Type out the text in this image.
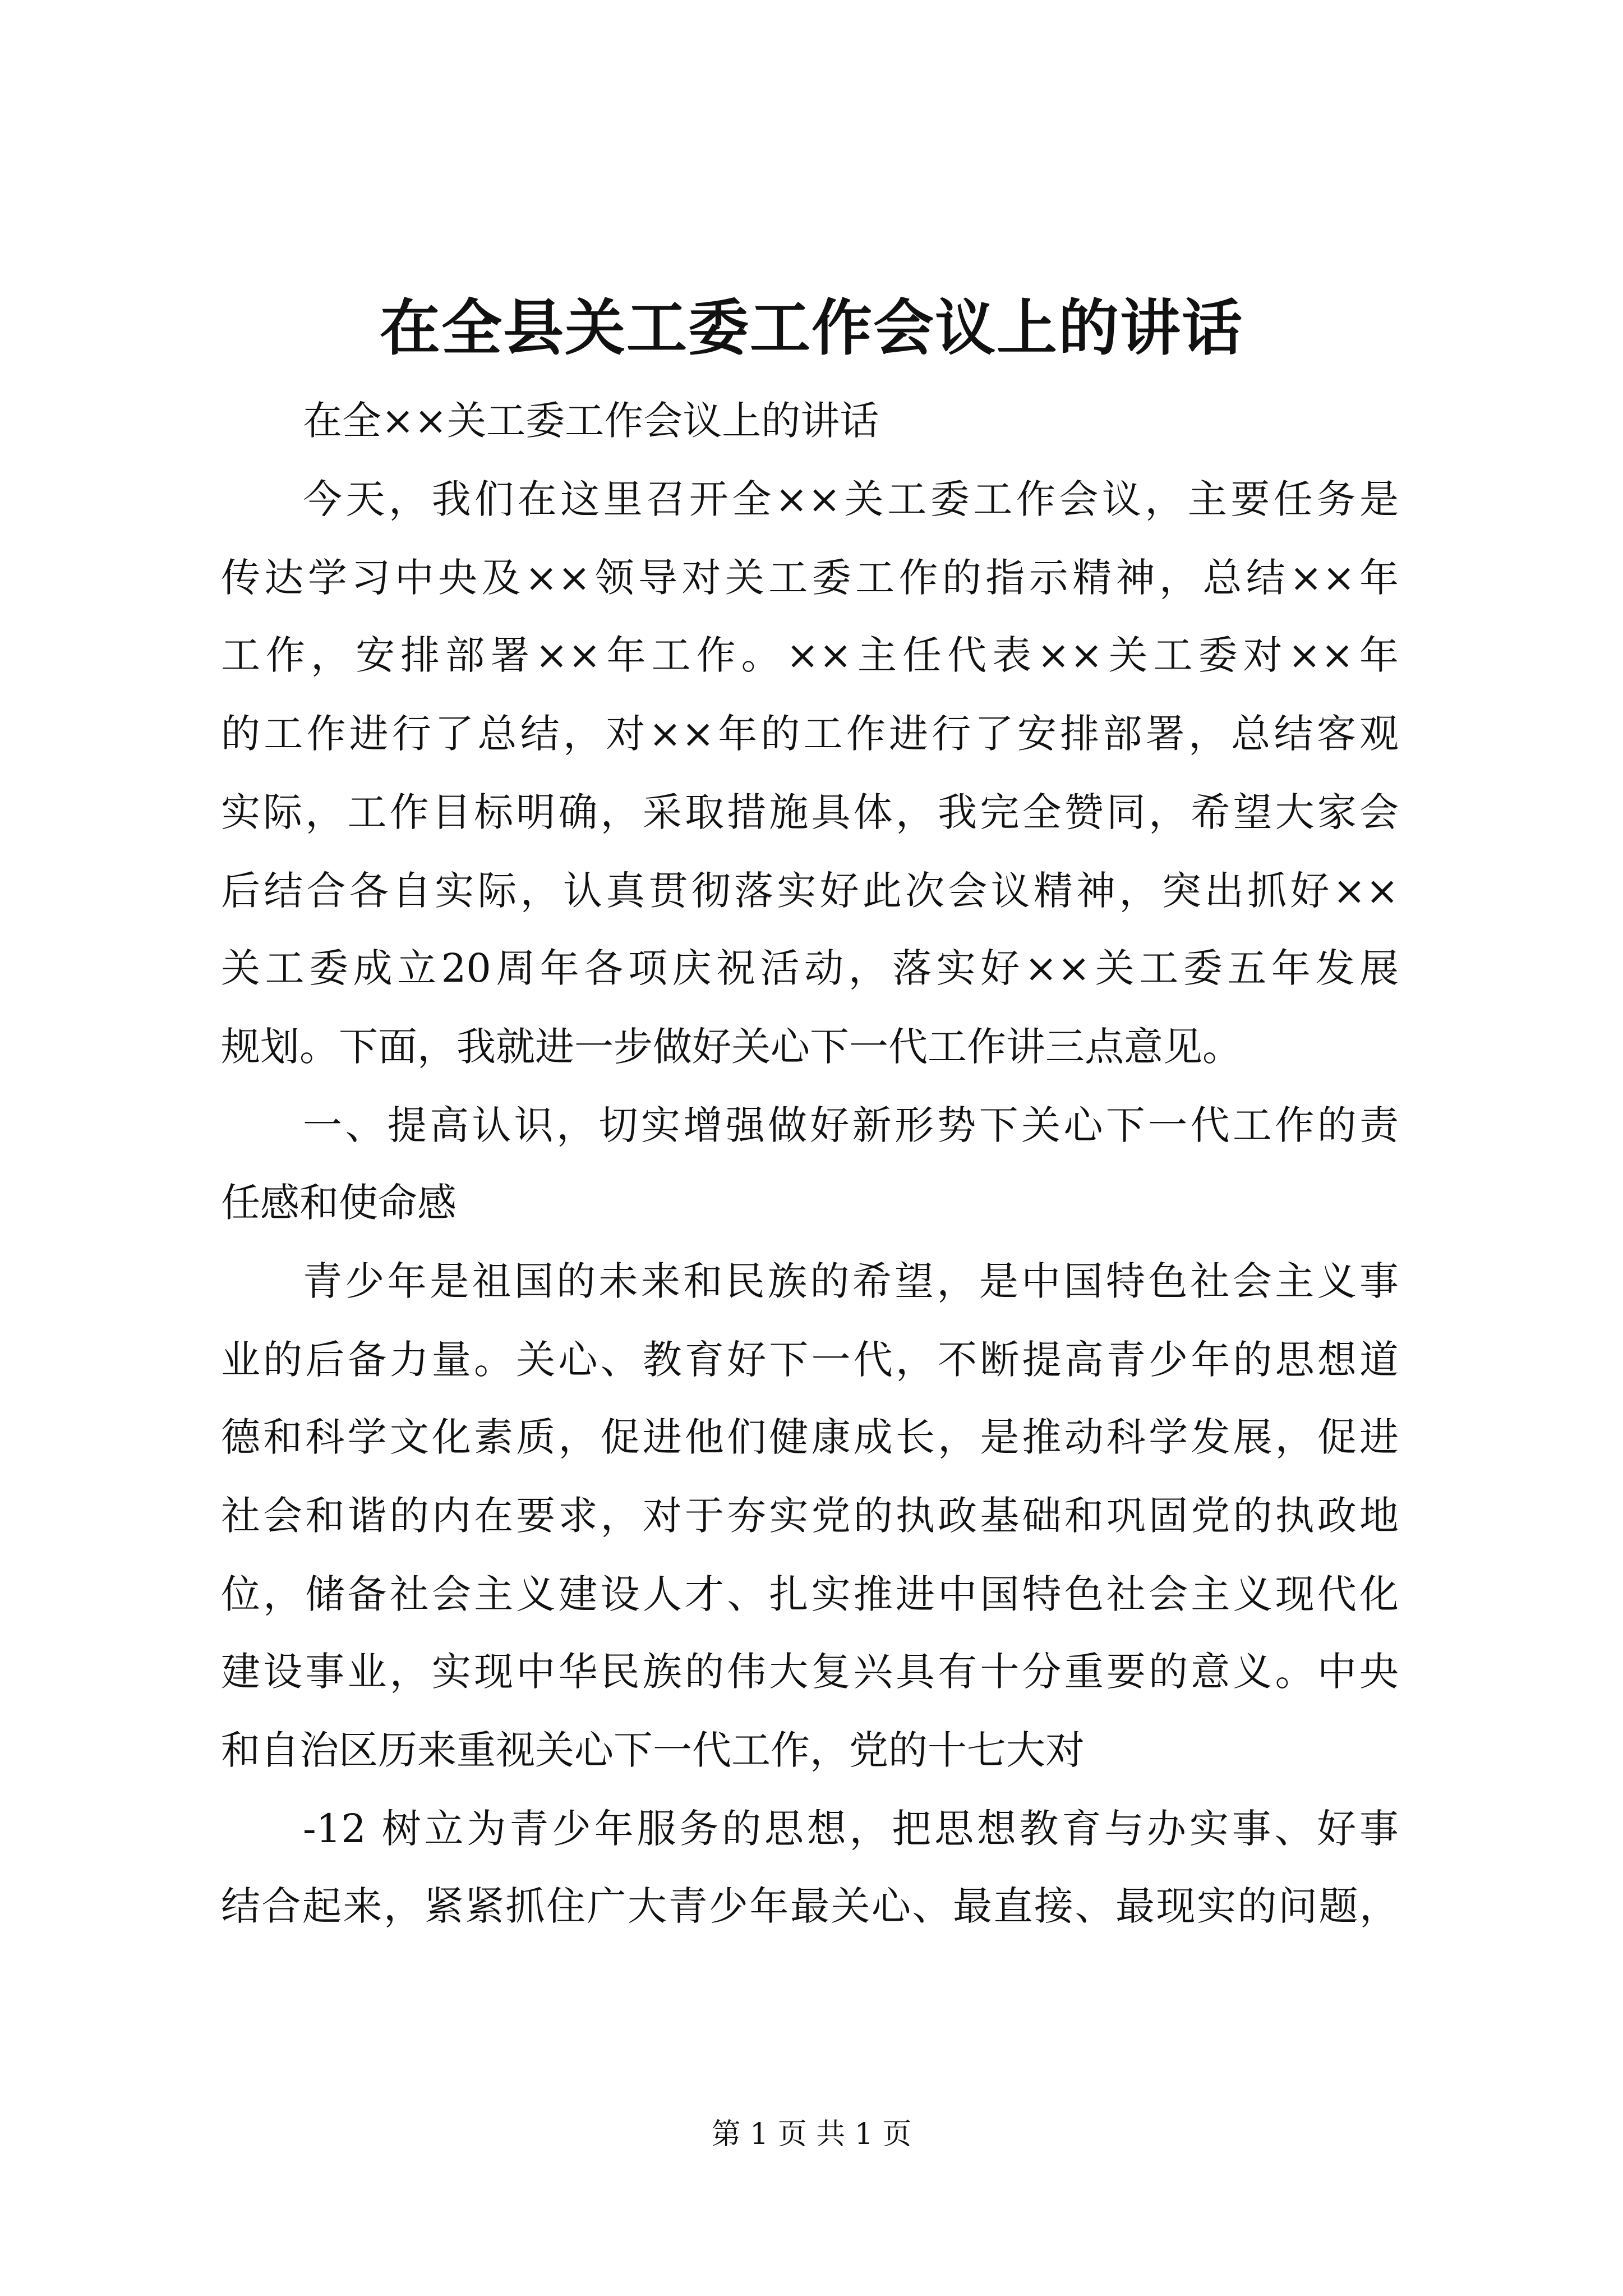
在全县关工委工作会议上的讲话
在全××关工委工作会议上的讲话
今天，我们在这里召开全××关工委工作会议，主要任务是
传达学习中央及××领导对关工委工作的指示精神，总结××年
工作，安排部署××年工作。××主任代表××关工委对××年
的工作进行了总结，对××年的工作进行了安排部署，总结客观
实际，工作目标明确，采取措施具体，我完全赞同，希望大家会
后结合各自实际，认真贯彻落实好此次会议精神，突出抓好××
关工委成立20周年各项庆祝活动，落实好××关工委五年发展
规划。下面，我就进一步做好关心下一代工作讲三点意见。
一、提高认识，切实增强做好新形势下关心下一代工作的责
任感和使命感
青少年是祖国的未来和民族的希望，是中国特色社会主义事
业的后备力量。关心、教育好下一代，不断提高青少年的思想道
德和科学文化素质，促进他们健康成长，是推动科学发展，促进
社会和谐的内在要求，对于夯实党的执政基础和巩固党的执政地
位，储备社会主义建设人才、扎实推进中国特色社会主义现代化
建设事业，实现中华民族的伟大复兴具有十分重要的意义。中央
和自治区历来重视关心下一代工作，党的十七大对
-12 树立为青少年服务的思想，把思想教育与办实事、好事
结合起来，紧紧抓住广大青少年最关心、最直接、最现实的问题，
第 1 页 共 1 页
